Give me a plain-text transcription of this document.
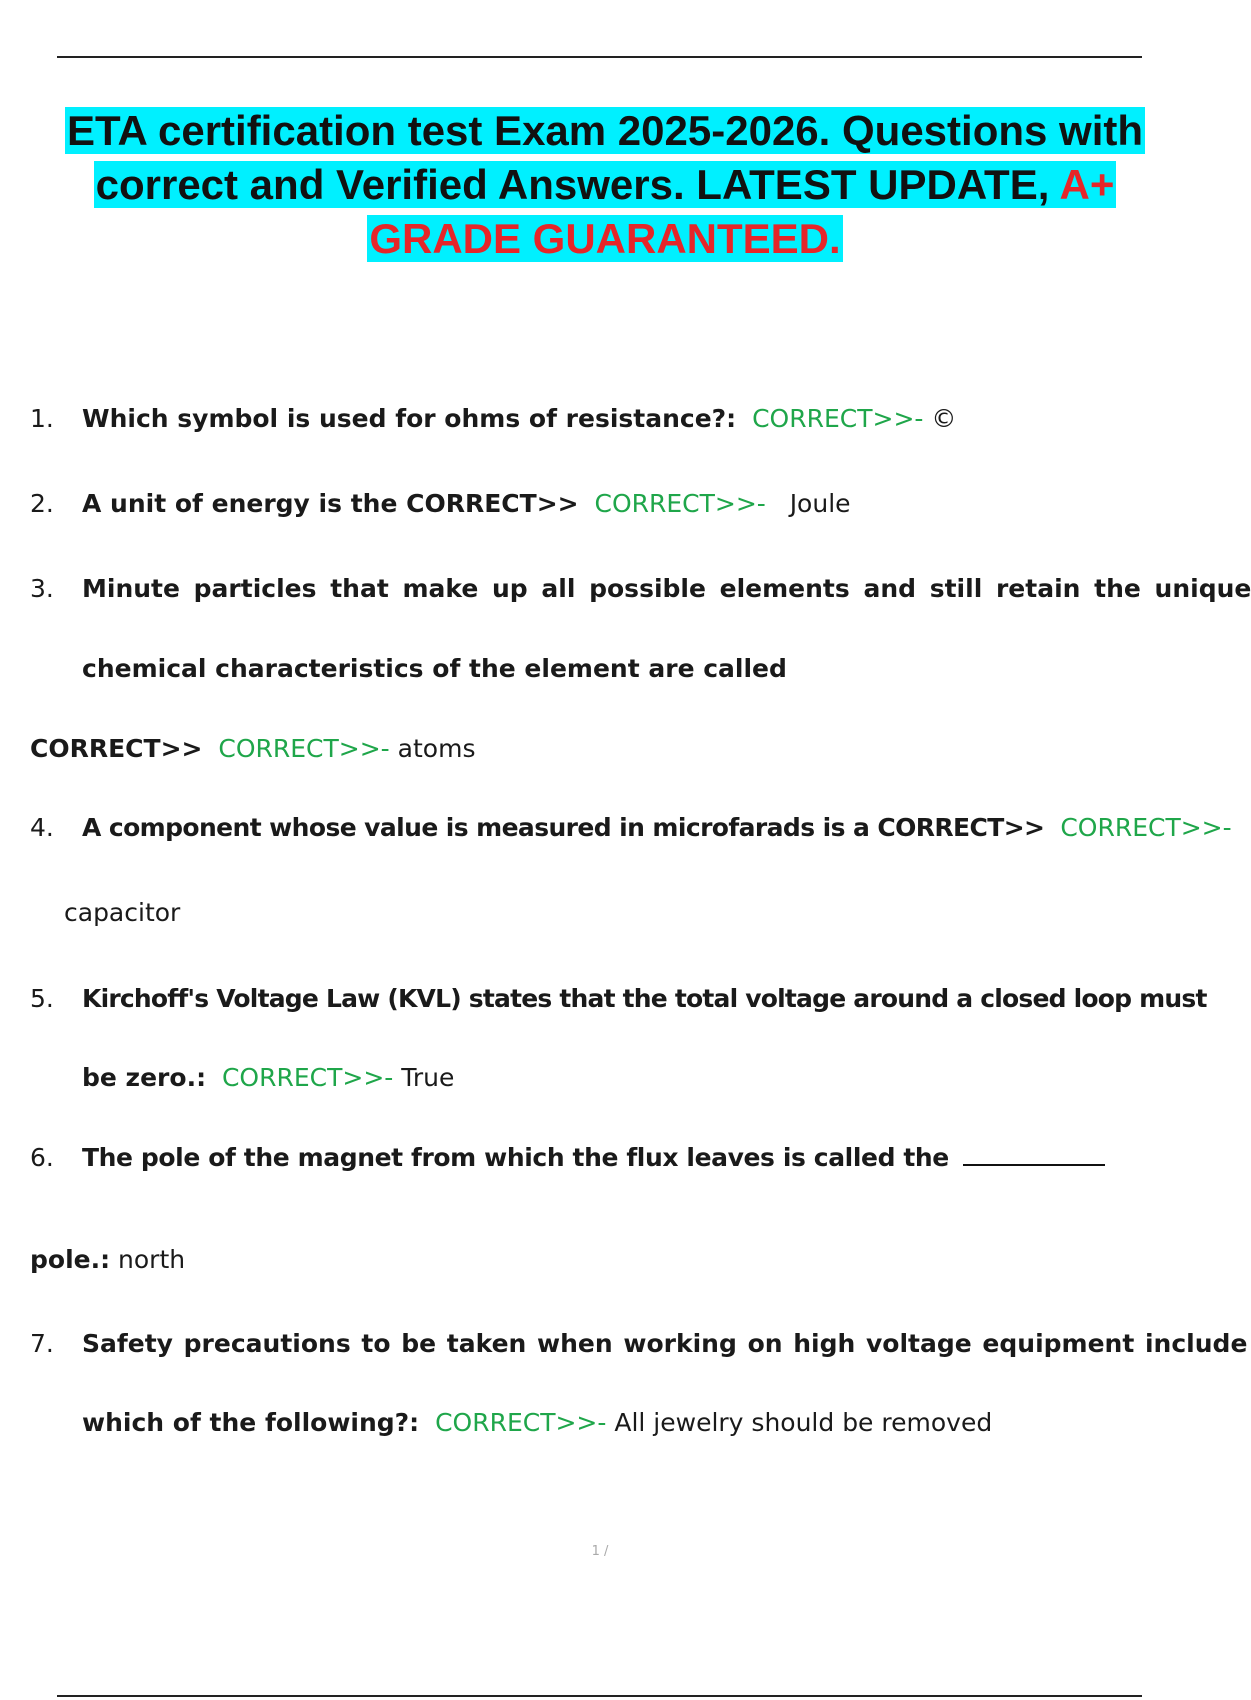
ETA certification test Exam 2025-2026. Questions with
correct and Verified Answers. LATEST UPDATE, A+
GRADE GUARANTEED.
1. Which symbol is used for ohms of resistance?: CORRECT>>- ©
2. A unit of energy is the CORRECT>> CORRECT>>- Joule
3. Minute particles that make up all possible elements and still retain the unique
chemical characteristics of the element are called
CORRECT>> CORRECT>>- atoms
4. A component whose value is measured in microfarads is a CORRECT>> CORRECT>>-
capacitor
5. Kirchoff's Voltage Law (KVL) states that the total voltage around a closed loop must
be zero.: CORRECT>>- True
6. The pole of the magnet from which the flux leaves is called the
pole.: north
7. Safety precautions to be taken when working on high voltage equipment include
which of the following?: CORRECT>>- All jewelry should be removed
1 /
